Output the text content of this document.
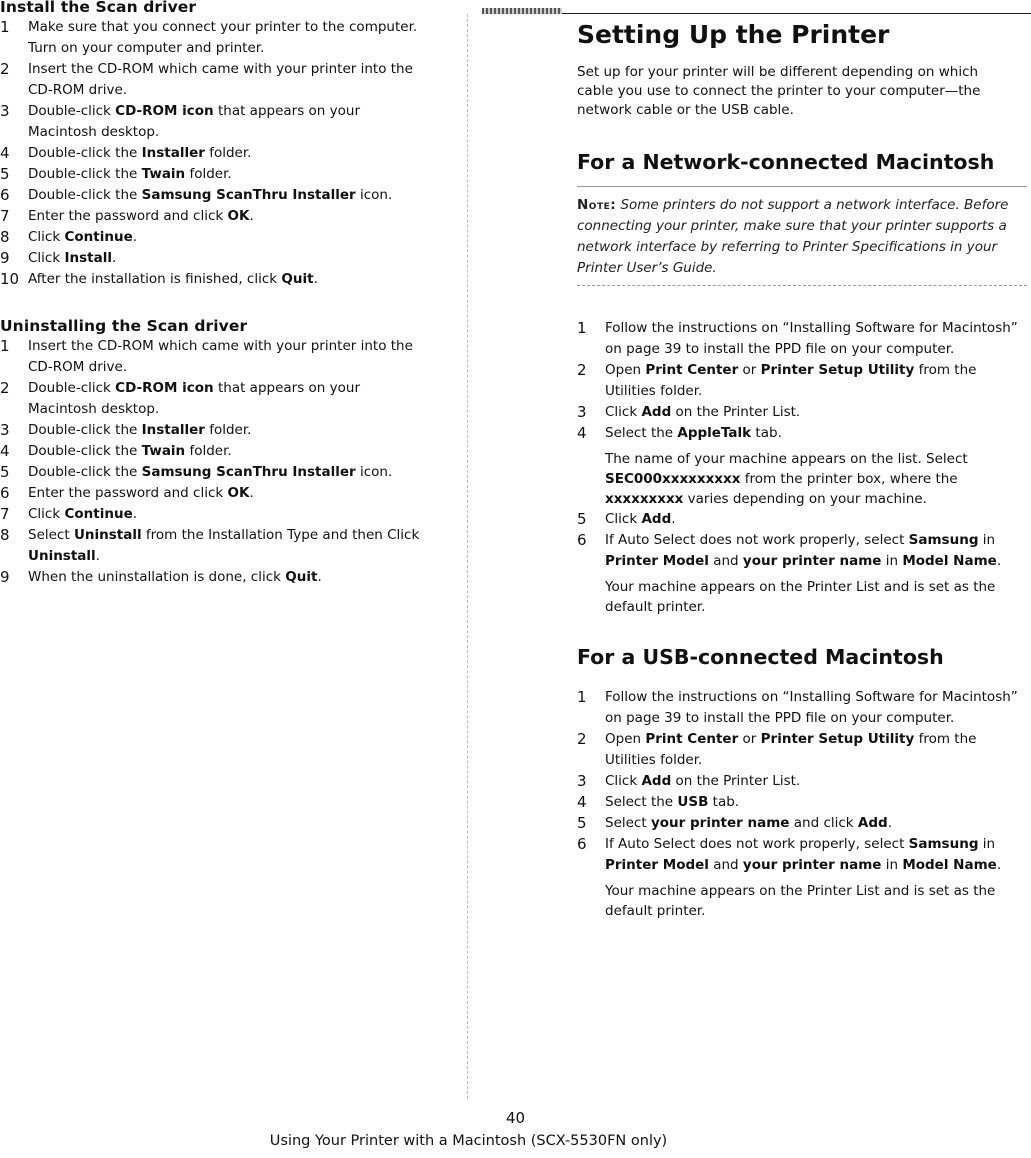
Install the Scan driver
1 Make sure that you connect your printer to the computer.
Turn on your computer and printer.
2 Insert the CD-ROM which came with your printer into the
CD-ROM drive.
3 Double-click CD-ROM icon that appears on your
Macintosh desktop.
4 Double-click the Installer folder.
5 Double-click the Twain folder.
6 Double-click the Samsung ScanThru Installer icon.
7 Enter the password and click OK.
8 Click Continue.
9 Click Install.
10 After the installation is finished, click Quit.
Uninstalling the Scan driver
1 Insert the CD-ROM which came with your printer into the
CD-ROM drive.
2 Double-click CD-ROM icon that appears on your
Macintosh desktop.
3 Double-click the Installer folder.
4 Double-click the Twain folder.
5 Double-click the Samsung ScanThru Installer icon.
6 Enter the password and click OK.
7 Click Continue.
8 Select Uninstall from the Installation Type and then Click
Uninstall.
9 When the uninstallation is done, click Quit.
Setting Up the Printer

Set up for your printer will be different depending on which cable you use to connect the printer to your computer—the network cable or the USB cable.

For a Network-connected Macintosh
Note: Some printers do not support a network interface. Before connecting your printer, make sure that your printer supports a network interface by referring to Printer Specifications in your Printer User’s Guide.
1 Follow the instructions on “Installing Software for Macintosh” on page 39 to install the PPD file on your computer.
2 Open Print Center or Printer Setup Utility from the Utilities folder.
3 Click Add on the Printer List.
4 Select the AppleTalk tab.
The name of your machine appears on the list. Select SEC000xxxxxxxxx from the printer box, where the xxxxxxxxx varies depending on your machine.
5 Click Add.
6 If Auto Select does not work properly, select Samsung in Printer Model and your printer name in Model Name.
Your machine appears on the Printer List and is set as the default printer.
For a USB-connected Macintosh
1 Follow the instructions on “Installing Software for Macintosh” on page 39 to install the PPD file on your computer.
2 Open Print Center or Printer Setup Utility from the Utilities folder.
3 Click Add on the Printer List.
4 Select the USB tab.
5 Select your printer name and click Add.
6 If Auto Select does not work properly, select Samsung in Printer Model and your printer name in Model Name.
Your machine appears on the Printer List and is set as the default printer.
40
Using Your Printer with a Macintosh (SCX-5530FN only)
